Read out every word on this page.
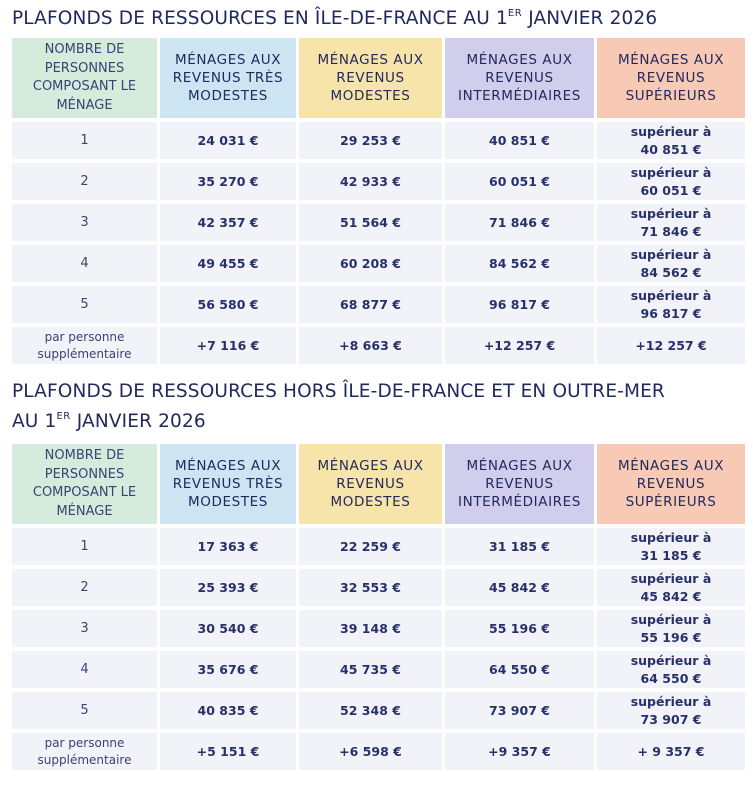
PLAFONDS DE RESSOURCES EN ÎLE-DE-FRANCE AU 1ER JANVIER 2026
NOMBRE DE PERSONNES COMPOSANT LE MÉNAGE	MÉNAGES AUX REVENUS TRÈS MODESTES	MÉNAGES AUX REVENUS MODESTES	MÉNAGES AUX REVENUS INTERMÉDIAIRES	MÉNAGES AUX REVENUS SUPÉRIEURS
1	24 031 €	29 253 €	40 851 €	supérieur à
40 851 €
2	35 270 €	42 933 €	60 051 €	supérieur à
60 051 €
3	42 357 €	51 564 €	71 846 €	supérieur à
71 846 €
4	49 455 €	60 208 €	84 562 €	supérieur à
84 562 €
5	56 580 €	68 877 €	96 817 €	supérieur à
96 817 €
par personne
supplémentaire	+7 116 €	+8 663 €	+12 257 €	+12 257 €
PLAFONDS DE RESSOURCES HORS ÎLE-DE-FRANCE ET EN OUTRE-MER
AU 1ER JANVIER 2026
NOMBRE DE PERSONNES COMPOSANT LE MÉNAGE	MÉNAGES AUX REVENUS TRÈS MODESTES	MÉNAGES AUX REVENUS MODESTES	MÉNAGES AUX REVENUS INTERMÉDIAIRES	MÉNAGES AUX REVENUS SUPÉRIEURS
1	17 363 €	22 259 €	31 185 €	supérieur à
31 185 €
2	25 393 €	32 553 €	45 842 €	supérieur à
45 842 €
3	30 540 €	39 148 €	55 196 €	supérieur à
55 196 €
4	35 676 €	45 735 €	64 550 €	supérieur à
64 550 €
5	40 835 €	52 348 €	73 907 €	supérieur à
73 907 €
par personne
supplémentaire	+5 151 €	+6 598 €	+9 357 €	+ 9 357 €
